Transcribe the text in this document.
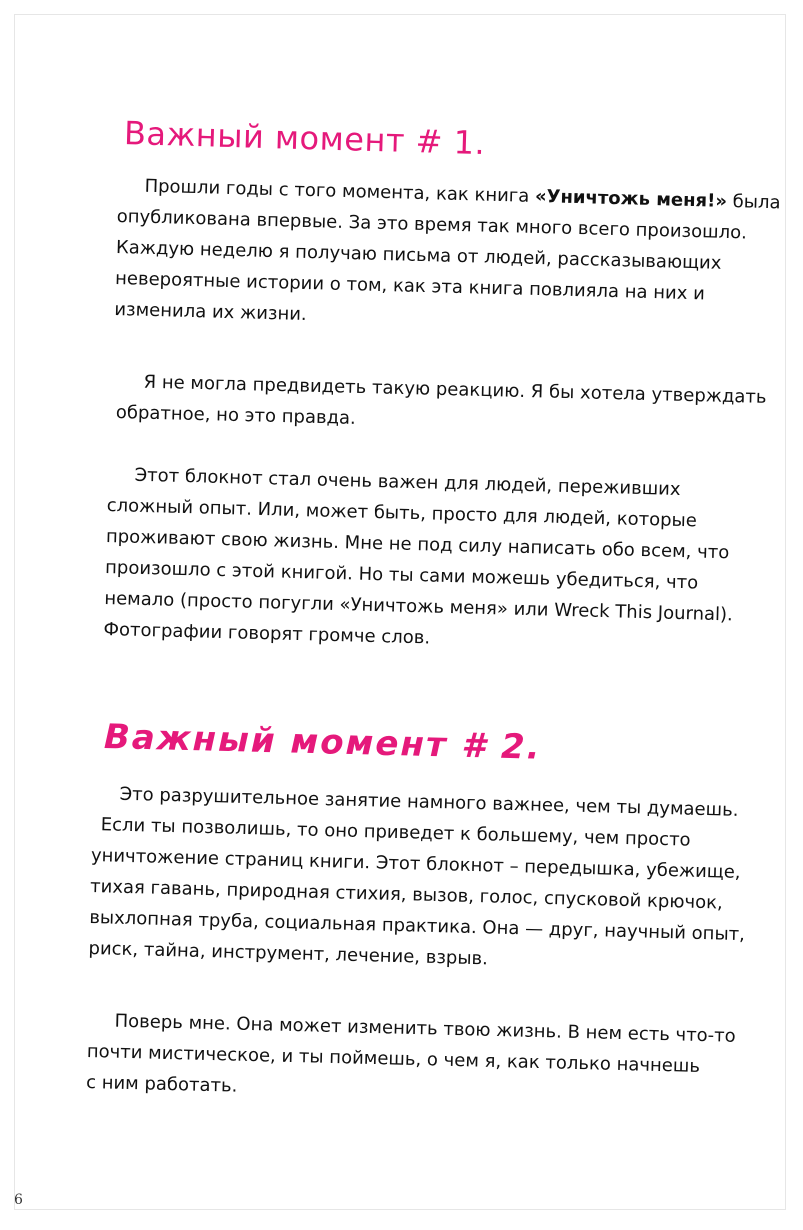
Важный момент # 1.

  Прошли годы с того момента, как книга «Уничтожь меня!» была
опубликована впервые. За это время так много всего произошло.
Каждую неделю я получаю письма от людей, рассказывающих
невероятные истории о том, как эта книга повлияла на них и
изменила их жизни.

  Я не могла предвидеть такую реакцию. Я бы хотела утверждать
обратное, но это правда.

  Этот блокнот стал очень важен для людей, переживших
сложный опыт. Или, может быть, просто для людей, которые
проживают свою жизнь. Мне не под силу написать обо всем, что
произошло с этой книгой. Но ты сами можешь убедиться, что
немало (просто погугли «Уничтожь меня» или Wreck This Journal).
Фотографии говорят громче слов.

Важный момент # 2.

  Это разрушительное занятие намного важнее, чем ты думаешь.
 Если ты позволишь, то оно приведет к большему, чем просто
уничтожение страниц книги. Этот блокнот – передышка, убежище,
тихая гавань, природная стихия, вызов, голос, спусковой крючок,
выхлопная труба, социальная практика. Она — друг, научный опыт,
риск, тайна, инструмент, лечение, взрыв.

  Поверь мне. Она может изменить твою жизнь. В нем есть что-то
почти мистическое, и ты поймешь, о чем я, как только начнешь
с ним работать.

6
